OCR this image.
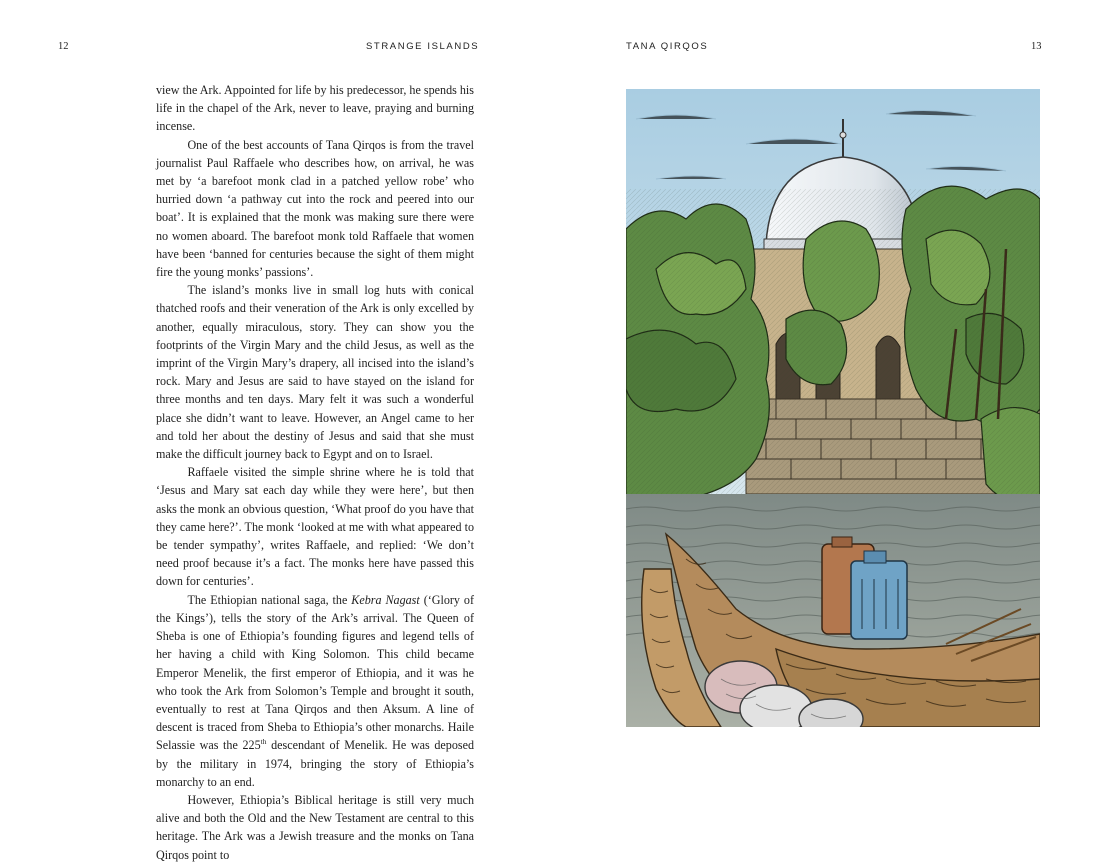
12	STRANGE ISLANDS

view the Ark. Appointed for life by his predecessor, he spends his life in the chapel of the Ark, never to leave, praying and burning incense.

One of the best accounts of Tana Qirqos is from the travel journalist Paul Raffaele who describes how, on arrival, he was met by ‘a barefoot monk clad in a patched yellow robe’ who hurried down ‘a pathway cut into the rock and peered into our boat’. It is explained that the monk was making sure there were no women aboard. The barefoot monk told Raffaele that women have been ‘banned for centuries because the sight of them might fire the young monks’ passions’.

The island’s monks live in small log huts with conical thatched roofs and their veneration of the Ark is only excelled by another, equally miraculous, story. They can show you the footprints of the Virgin Mary and the child Jesus, as well as the imprint of the Virgin Mary’s drapery, all incised into the island’s rock. Mary and Jesus are said to have stayed on the island for three months and ten days. Mary felt it was such a wonderful place she didn’t want to leave. However, an Angel came to her and told her about the destiny of Jesus and said that she must make the difficult journey back to Egypt and on to Israel.

Raffaele visited the simple shrine where he is told that ‘Jesus and Mary sat each day while they were here’, but then asks the monk an obvious question, ‘What proof do you have that they came here?’. The monk ‘looked at me with what appeared to be tender sympathy’, writes Raffaele, and replied: ‘We don’t need proof because it’s a fact. The monks here have passed this down for centuries’.

The Ethiopian national saga, the Kebra Nagast (‘Glory of the Kings’), tells the story of the Ark’s arrival. The Queen of Sheba is one of Ethiopia’s founding figures and legend tells of her having a child with King Solomon. This child became Emperor Menelik, the first emperor of Ethiopia, and it was he who took the Ark from Solomon’s Temple and brought it south, eventually to rest at Tana Qirqos and then Aksum. A line of descent is traced from Sheba to Ethiopia’s other monarchs. Haile Selassie was the 225th descendant of Menelik. He was deposed by the military in 1974, bringing the story of Ethiopia’s monarchy to an end.

However, Ethiopia’s Biblical heritage is still very much alive and both the Old and the New Testament are central to this heritage. The Ark was a Jewish treasure and the monks on Tana Qirqos point to

TANA QIRQOS	13
